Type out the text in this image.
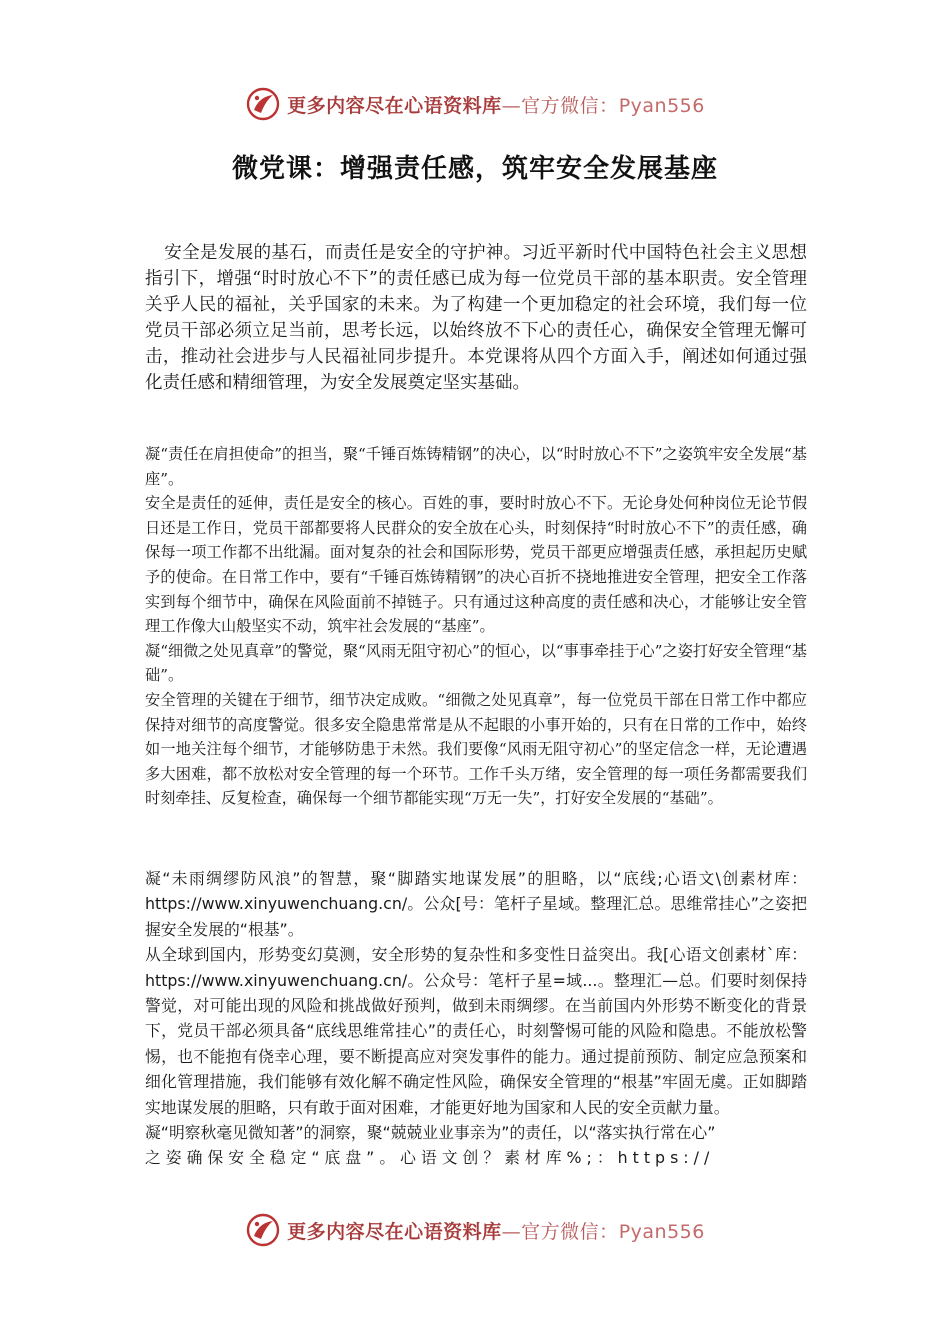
更多内容尽在心语资料库—官方微信：Pyan556
微党课：增强责任感，筑牢安全发展基座
安全是发展的基石，而责任是安全的守护神。习近平新时代中国特色社会主义思想指引下，增强“时时放心不下”的责任感已成为每一位党员干部的基本职责。安全管理关乎人民的福祉，关乎国家的未来。为了构建一个更加稳定的社会环境，我们每一位党员干部必须立足当前，思考长远，以始终放不下心的责任心，确保安全管理无懈可击，推动社会进步与人民福祉同步提升。本党课将从四个方面入手，阐述如何通过强化责任感和精细管理，为安全发展奠定坚实基础。

凝“责任在肩担使命”的担当，聚“千锤百炼铸精钢”的决心，以“时时放心不下”之姿筑牢安全发展“基座”。

安全是责任的延伸，责任是安全的核心。百姓的事，要时时放心不下。无论身处何种岗位无论节假日还是工作日，党员干部都要将人民群众的安全放在心头，时刻保持“时时放心不下”的责任感，确保每一项工作都不出纰漏。面对复杂的社会和国际形势，党员干部更应增强责任感，承担起历史赋予的使命。在日常工作中，要有“千锤百炼铸精钢”的决心百折不挠地推进安全管理，把安全工作落实到每个细节中，确保在风险面前不掉链子。只有通过这种高度的责任感和决心，才能够让安全管理工作像大山般坚实不动，筑牢社会发展的“基座”。

凝“细微之处见真章”的警觉，聚“风雨无阻守初心”的恒心，以“事事牵挂于心”之姿打好安全管理“基础”。

安全管理的关键在于细节，细节决定成败。“细微之处见真章”，每一位党员干部在日常工作中都应保持对细节的高度警觉。很多安全隐患常常是从不起眼的小事开始的，只有在日常的工作中，始终如一地关注每个细节，才能够防患于未然。我们要像“风雨无阻守初心”的坚定信念一样，无论遭遇多大困难，都不放松对安全管理的每一个环节。工作千头万绪，安全管理的每一项任务都需要我们时刻牵挂、反复检查，确保每一个细节都能实现“万无一失”，打好安全发展的“基础”。

凝“未雨绸缪防风浪”的智慧，聚“脚踏实地谋发展”的胆略，以“底线;心语文\创素材库：https://www.xinyuwenchuang.cn/。公众[号：笔杆子星域。整理汇总。思维常挂心”之姿把握安全发展的“根基”。

从全球到国内，形势变幻莫测，安全形势的复杂性和多变性日益突出。我[心语文创素材`库：https://www.xinyuwenchuang.cn/。公众号：笔杆子星=域...。整理汇—总。们要时刻保持警觉，对可能出现的风险和挑战做好预判，做到未雨绸缪。在当前国内外形势不断变化的背景下，党员干部必须具备“底线思维常挂心”的责任心，时刻警惕可能的风险和隐患。不能放松警惕，也不能抱有侥幸心理，要不断提高应对突发事件的能力。通过提前预防、制定应急预案和细化管理措施，我们能够有效化解不确定性风险，确保安全管理的“根基”牢固无虞。正如脚踏实地谋发展的胆略，只有敢于面对困难，才能更好地为国家和人民的安全贡献力量。

凝“明察秋毫见微知著”的洞察，聚“兢兢业业事亲为”的责任，以“落实执行常在心”

之姿确保安全稳定“底盘”。心语文创？素材库%;：https://

更多内容尽在心语资料库—官方微信：Pyan556
